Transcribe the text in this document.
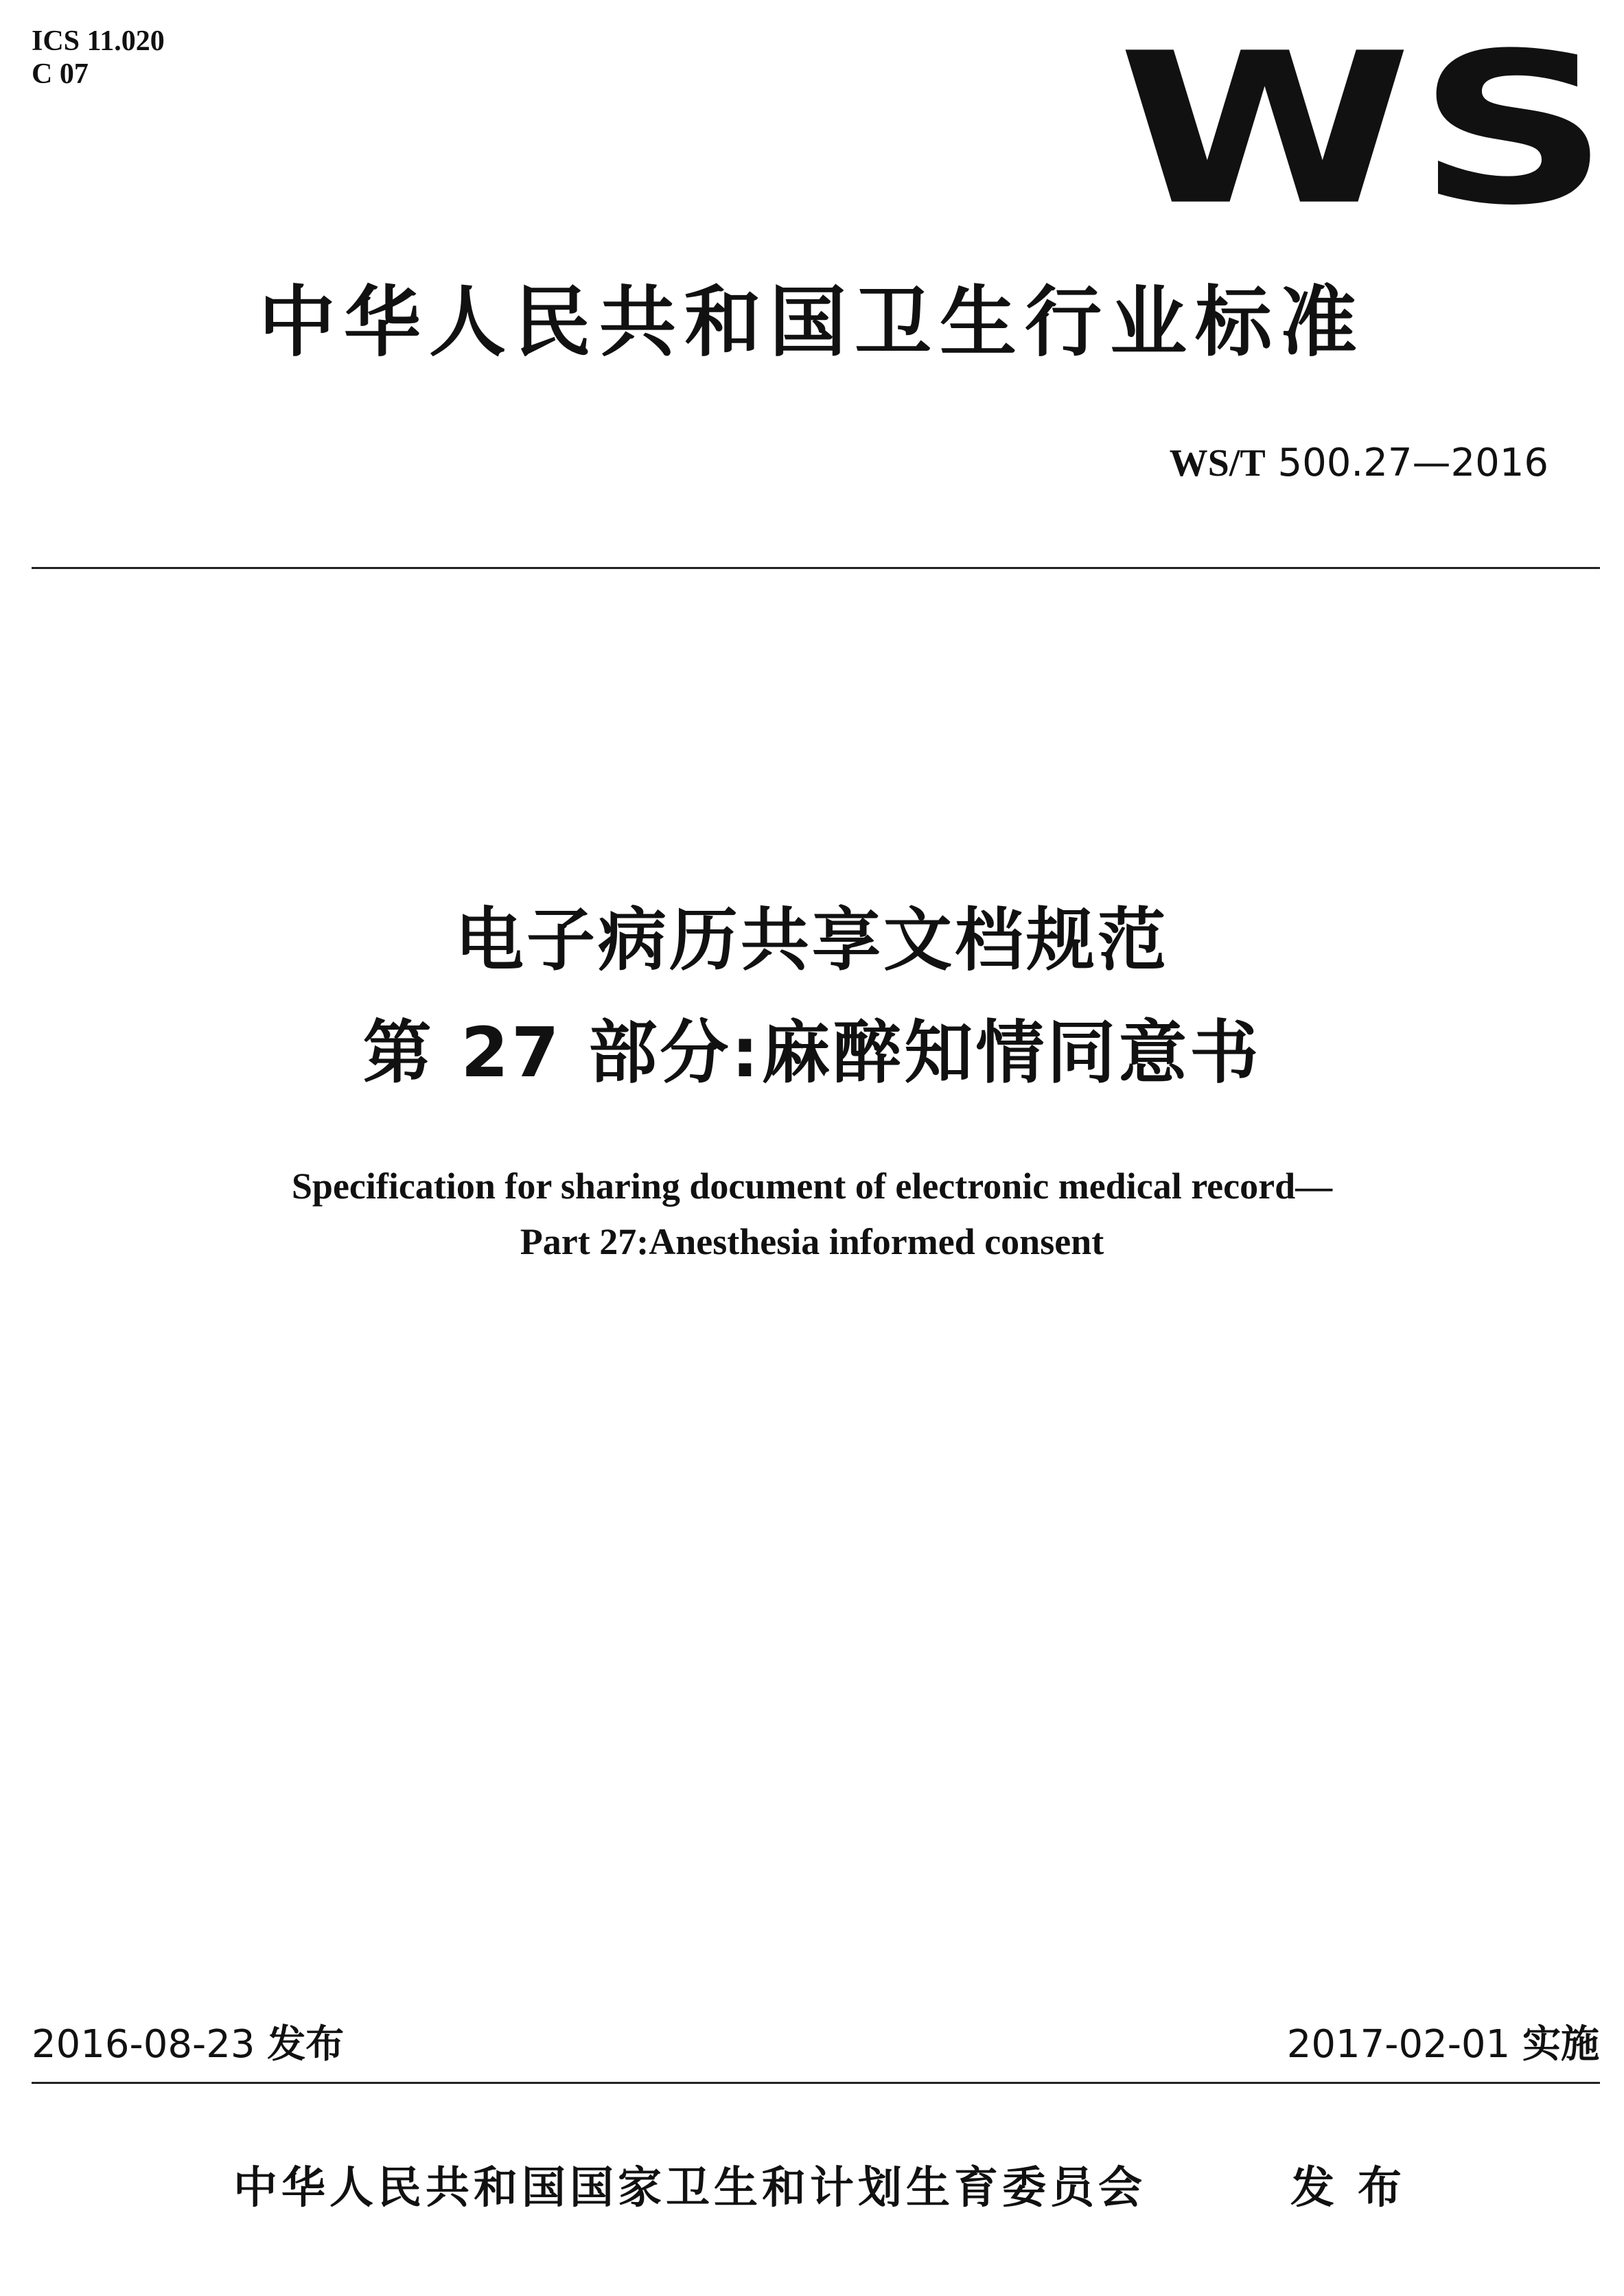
ICS 11.020
C 07	WS
中华人民共和国卫生行业标准
WS/T 500.27—2016
电子病历共享文档规范
第 27 部分:麻醉知情同意书
Specification for sharing document of electronic medical record—
Part 27:Anesthesia informed consent
2016-08-23 发布	2017-02-01 实施
中华人民共和国国家卫生和计划生育委员会	发布
